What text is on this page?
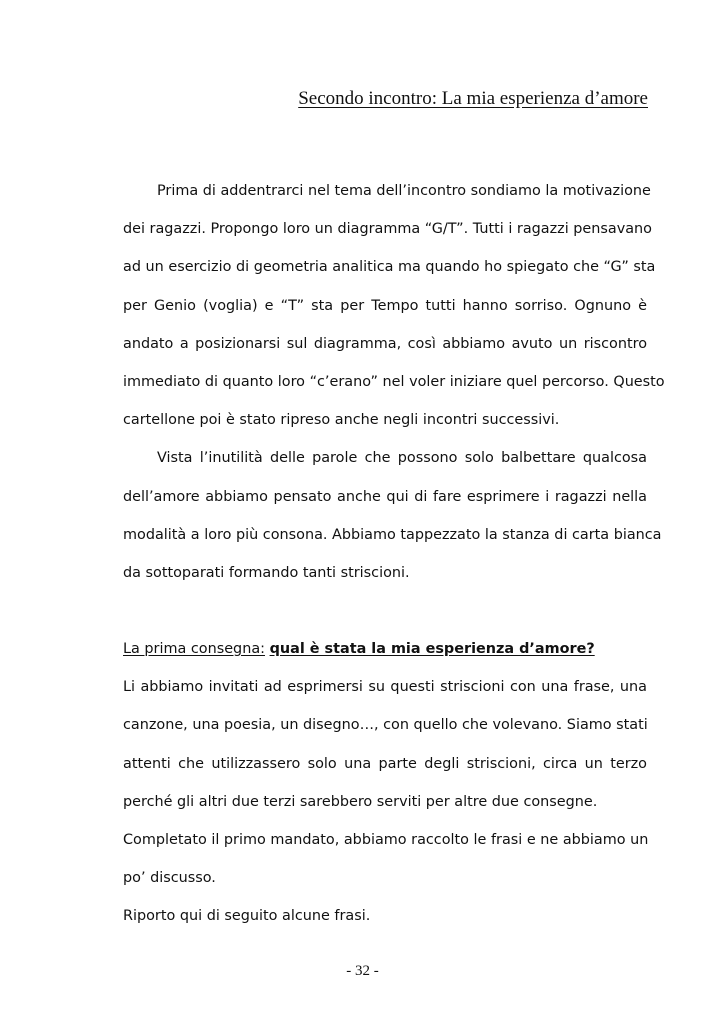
Secondo incontro: La mia esperienza d’amore

Prima di addentrarci nel tema dell’incontro sondiamo la motivazione
dei ragazzi. Propongo loro un diagramma “G/T”. Tutti i ragazzi pensavano
ad un esercizio di geometria analitica ma quando ho spiegato che “G” sta
per Genio (voglia) e “T” sta per Tempo tutti hanno sorriso. Ognuno è
andato a posizionarsi sul diagramma, così abbiamo avuto un riscontro
immediato di quanto loro “c’erano” nel voler iniziare quel percorso. Questo
cartellone poi è stato ripreso anche negli incontri successivi.

Vista l’inutilità delle parole che possono solo balbettare qualcosa
dell’amore abbiamo pensato anche qui di fare esprimere i ragazzi nella
modalità a loro più consona. Abbiamo tappezzato la stanza di carta bianca
da sottoparati formando tanti striscioni.

La prima consegna: qual è stata la mia esperienza d’amore?

Li abbiamo invitati ad esprimersi su questi striscioni con una frase, una
canzone, una poesia, un disegno…, con quello che volevano. Siamo stati
attenti che utilizzassero solo una parte degli striscioni, circa un terzo
perché gli altri due terzi sarebbero serviti per altre due consegne.

Completato il primo mandato, abbiamo raccolto le frasi e ne abbiamo un
po’ discusso.

Riporto qui di seguito alcune frasi.

- 32 -
